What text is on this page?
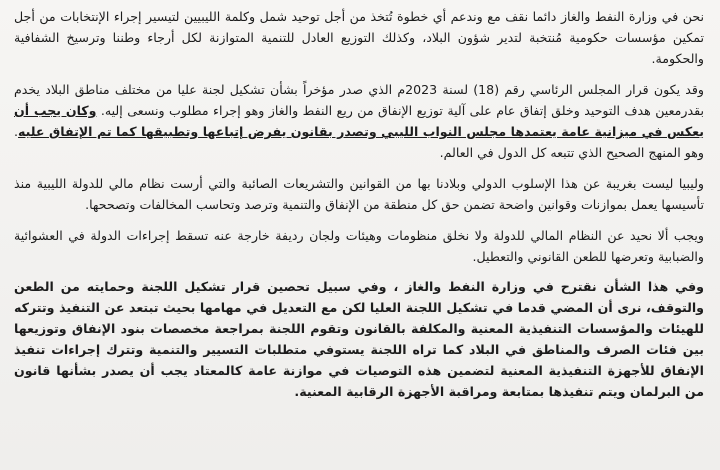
نحن في وزارة النفط والغاز دائما نقف مع وندعم أي خطوة تُتخذ من أجل توحيد شمل وكلمة الليبيين لتيسير إجراء الإنتخابات من أجل تمكين مؤسسات حكومية مُنتخبة لتدير شؤون البلاد، وكذلك التوزيع العادل للتنمية المتوازنة لكل أرجاء وطننا وترسيخ الشفافية والحكومة.

وقد يكون قرار المجلس الرئاسي رقم (18) لسنة 2023م الذي صدر مؤخراً بشأن تشكيل لجنة عليا من مختلف مناطق البلاد يخدم بقدرمعين هدف التوحيد وخلق إتفاق عام على آلية توزيع الإنفاق من ريع النفط والغاز وهو إجراء مطلوب ونسعى إليه. وكان يجب أن يعكس في ميزانية عامة يعتمدها مجلس النواب الليبي وتصدر بقانون يفرض إتباعها وتطبيقها كما تم الإتفاق عليه. وهو المنهج الصحيح الذي تتبعه كل الدول في العالم.

وليبيا ليست بغريبة عن هذا الإسلوب الدولي وبلادنا بها من القوانين والتشريعات الصائبة والتي أرست نظام مالي للدولة الليبية منذ تأسيسها يعمل بموازنات وقوانين واضحة تضمن حق كل منطقة من الإنفاق والتنمية وترصد وتحاسب المخالفات وتصححها.

ويجب ألا نحيد عن النظام المالي للدولة ولا نخلق منظومات وهيئات ولجان رديفة خارجة عنه تسقط إجراءات الدولة في العشوائية والضبابية وتعرضها للطعن القانوني والتعطيل.

وفي هذا الشأن نقترح في وزارة النفط والغاز ، وفي سبيل تحصين قرار تشكيل اللجنة وحمايته من الطعن والتوقف، نرى أن المضي قدما في تشكيل اللجنة العليا لكن مع التعديل في مهامها بحيث تبتعد عن التنفيذ وتتركه للهيئات والمؤسسات التنفيذية المعنية والمكلفة بالقانون وتقوم اللجنة بمراجعة مخصصات بنود الإنفاق وتوزيعها بين فئات الصرف والمناطق في البلاد كما تراه اللجنة يستوفي متطلبات التسيير والتنمية وتترك إجراءات تنفيذ الإنفاق للأجهزة التنفيذية المعنية لتضمين هذه التوصيات في موازنة عامة كالمعتاد يجب أن يصدر بشأنها قانون من البرلمان ويتم تنفيذها بمتابعة ومراقبة الأجهزة الرقابية المعنية.
